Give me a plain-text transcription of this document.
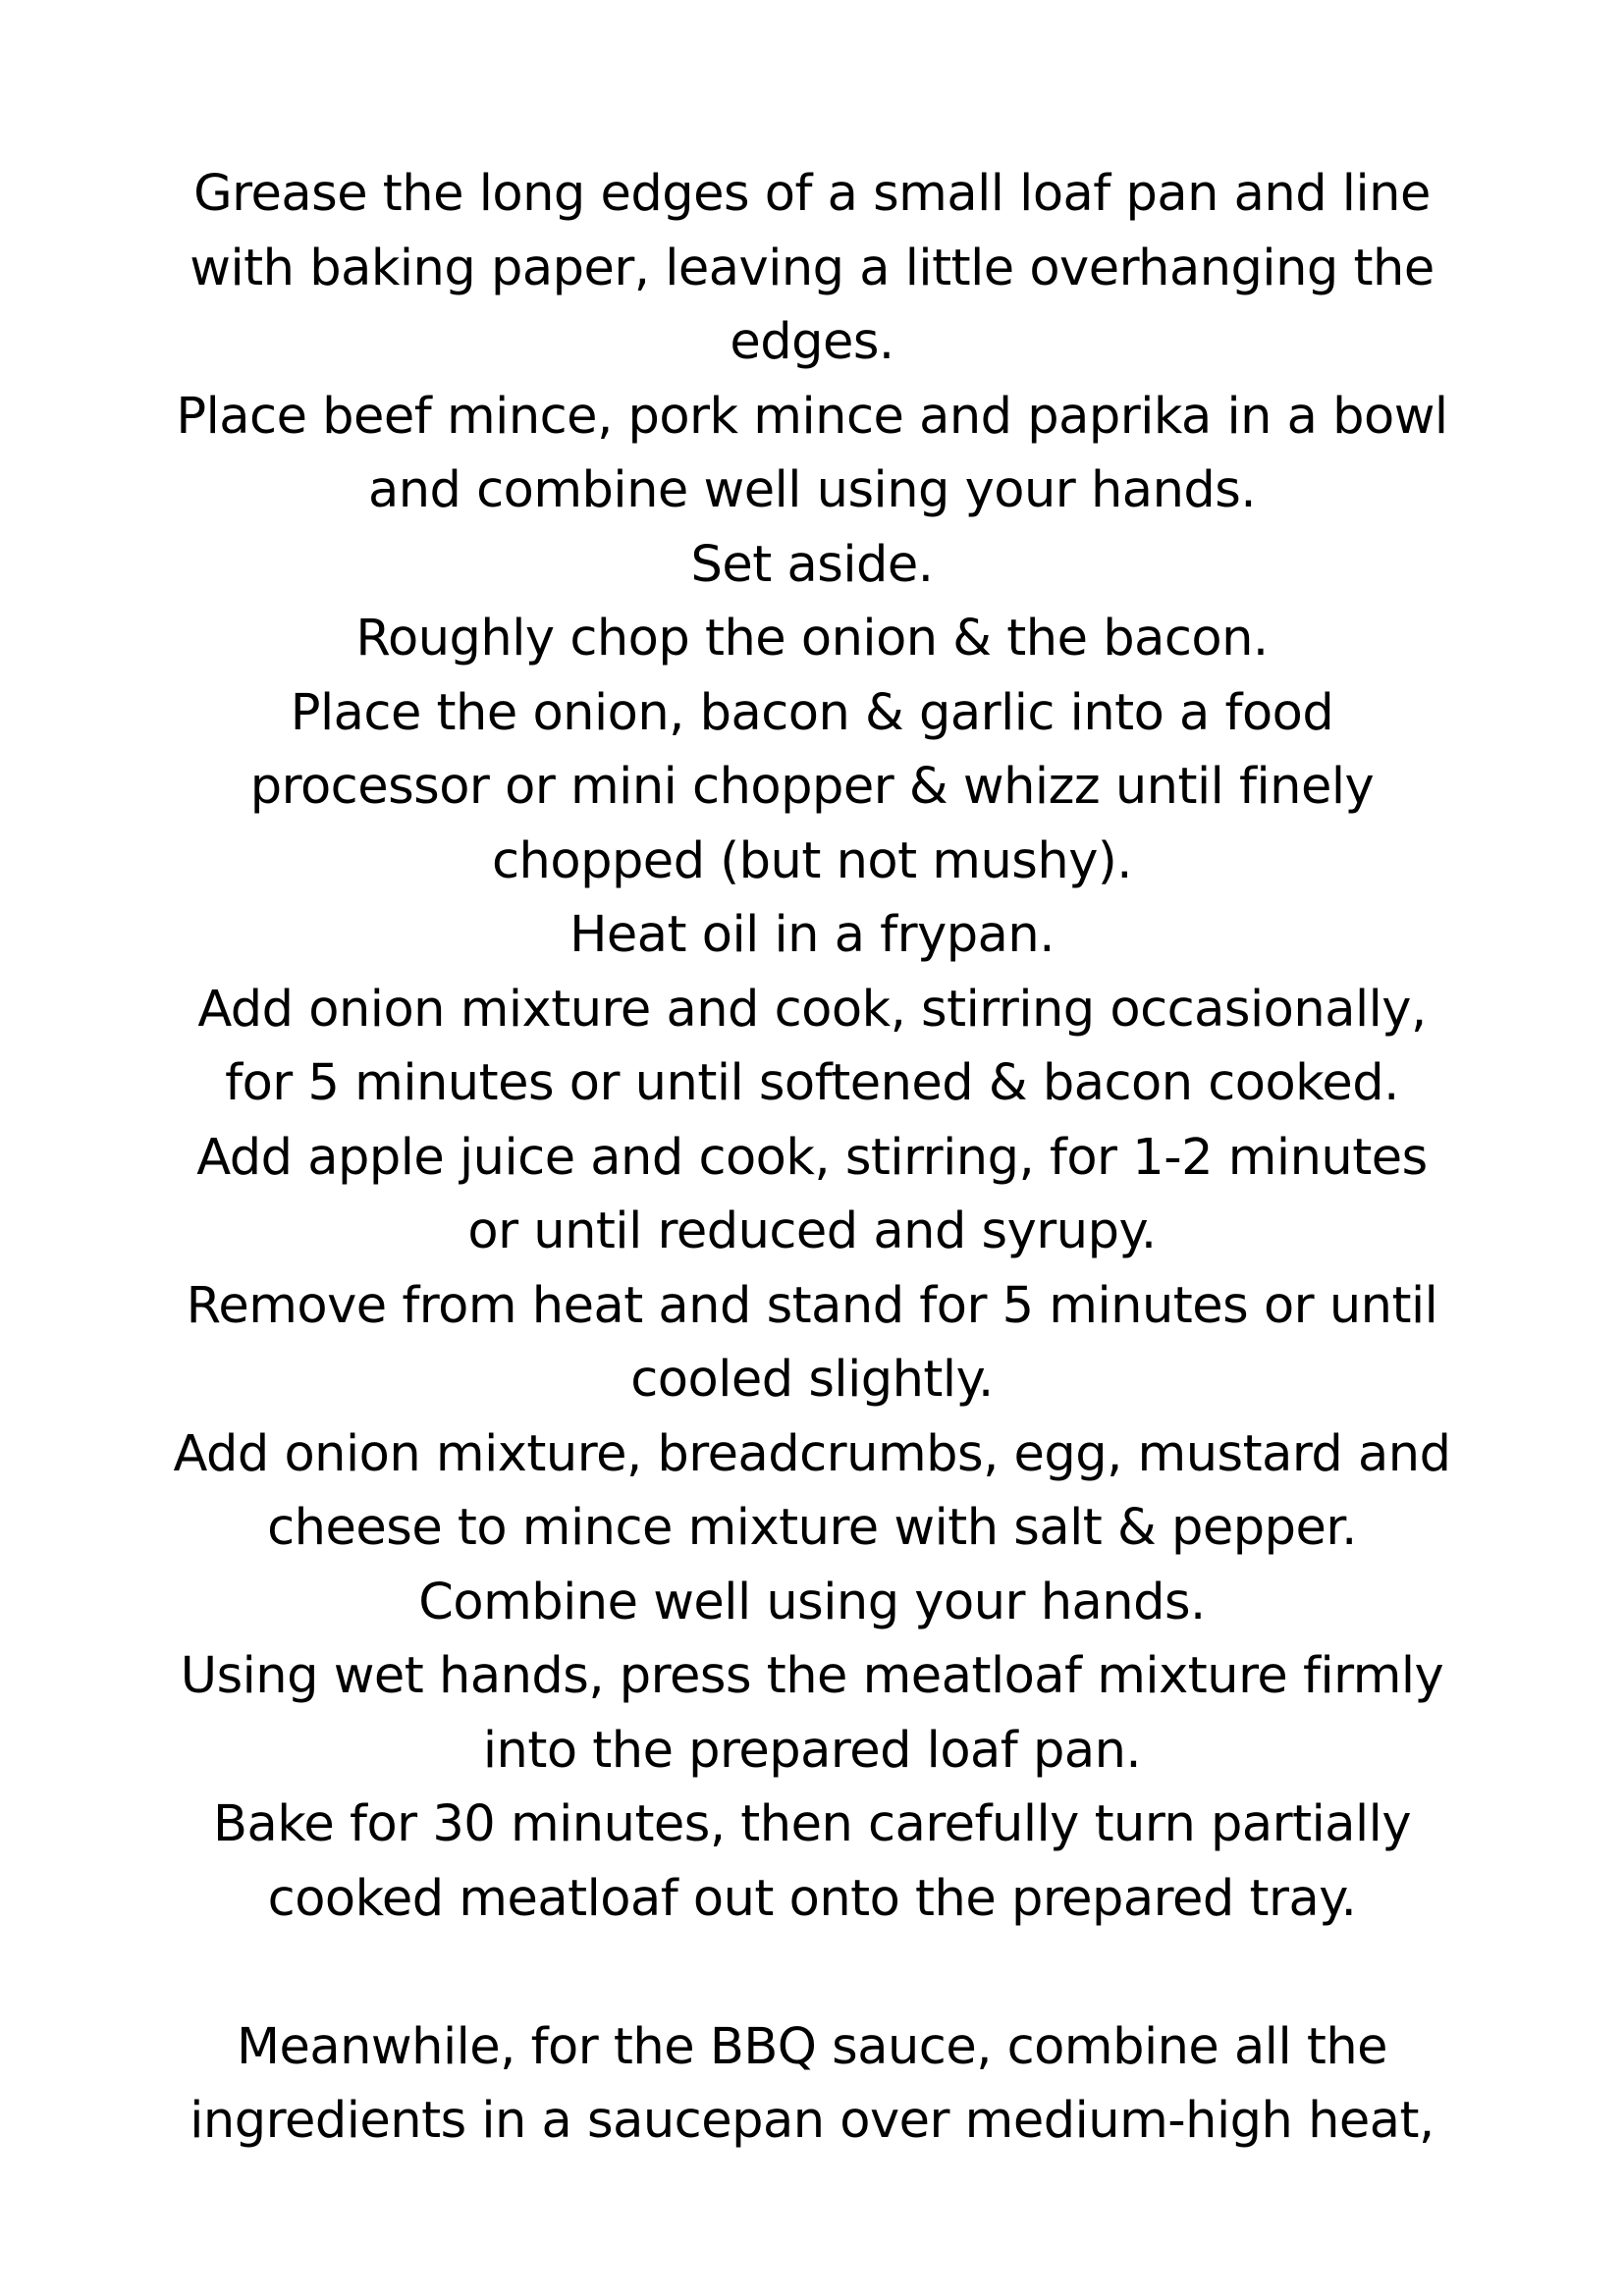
Grease the long edges of a small loaf pan and line
with baking paper, leaving a little overhanging the
edges.
Place beef mince, pork mince and paprika in a bowl
and combine well using your hands.
Set aside.
Roughly chop the onion & the bacon.
Place the onion, bacon & garlic into a food
processor or mini chopper & whizz until finely
chopped (but not mushy).
Heat oil in a frypan.
Add onion mixture and cook, stirring occasionally,
for 5 minutes or until softened & bacon cooked.
Add apple juice and cook, stirring, for 1-2 minutes
or until reduced and syrupy.
Remove from heat and stand for 5 minutes or until
cooled slightly.
Add onion mixture, breadcrumbs, egg, mustard and
cheese to mince mixture with salt & pepper.
Combine well using your hands.
Using wet hands, press the meatloaf mixture firmly
into the prepared loaf pan.
Bake for 30 minutes, then carefully turn partially
cooked meatloaf out onto the prepared tray.
Meanwhile, for the BBQ sauce, combine all the
ingredients in a saucepan over medium-high heat,
